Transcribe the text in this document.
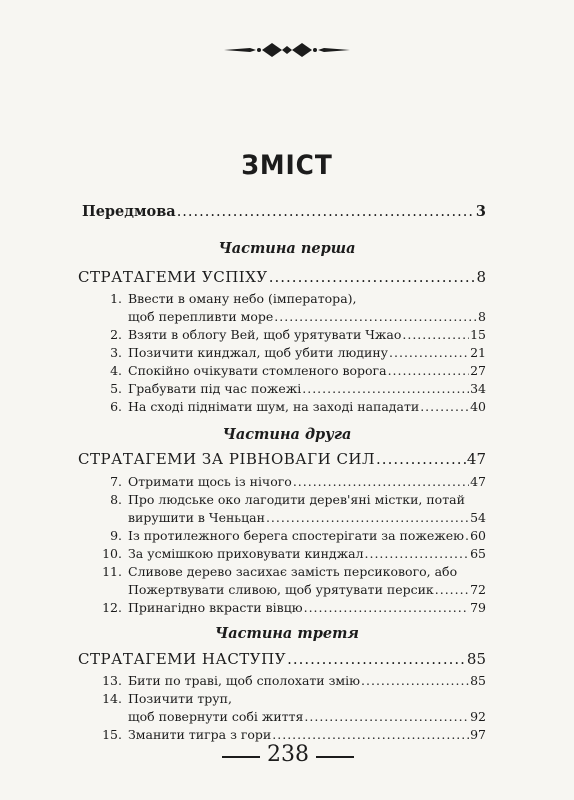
ЗМІСТ
Передмова .....	3
Частина перша
СТРАТАГЕМИ УСПІХУ .....	8
1. Ввести в оману небо (імператора),
щоб перепливти море .....	8
2. Взяти в облогу Вей, щоб урятувати Чжао .....	15
3. Позичити кинджал, щоб убити людину .....	21
4. Спокійно очікувати стомленого ворога .....	27
5. Грабувати під час пожежі .....	34
6. На сході піднімати шум, на заході нападати .....	40
Частина друга
СТРАТАГЕМИ ЗА РІВНОВАГИ СИЛ .....	47
7. Отримати щось із нічого .....	47
8. Про людське око лагодити дерев'яні містки, потай
вирушити в Ченьцан .....	54
9. Із протилежного берега спостерігати за пожежею ..... 60
10. За усмішкою приховувати кинджал .....	65
11. Сливове дерево засихає замість персикового, або
Пожертвувати сливою, щоб урятувати персик .....	72
12. Принагідно вкрасти вівцю .....	79
Частина третя
СТРАТАГЕМИ НАСТУПУ .....	85
13. Бити по траві, щоб сполохати змію .....	85
14. Позичити труп,
щоб повернути собі життя .....	92
15. Зманити тигра з гори .....	97
238
